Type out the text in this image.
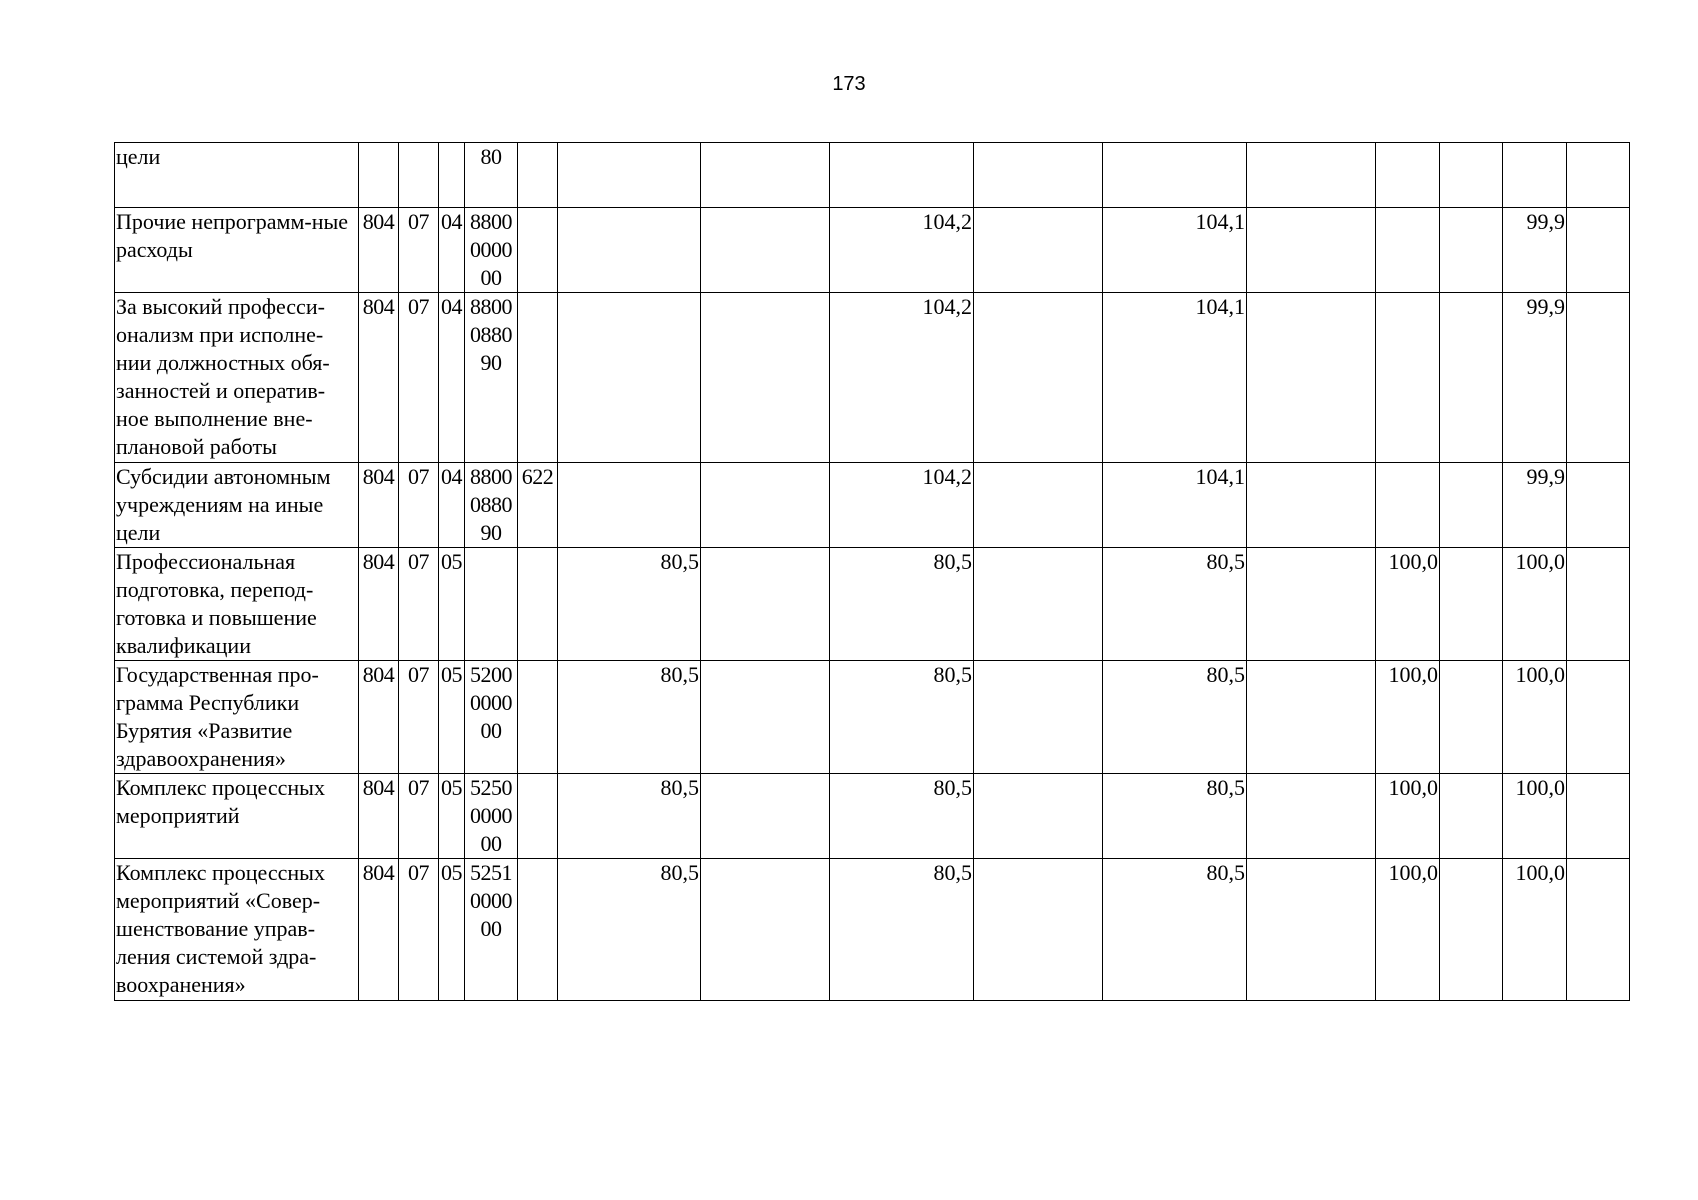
173
цели				80											
Прочие непрограмм-ные расходы	804	07	04	8800000000				104,2		104,1				99,9	
За высокий професси-онализм при исполне-нии должностных обя-занностей и оператив-ное выполнение вне-плановой работы	804	07	04	8800088090				104,2		104,1				99,9	
Субсидии автономным учреждениям на иные цели	804	07	04	8800088090	622			104,2		104,1				99,9	
Профессиональная подготовка, перепод-готовка и повышение квалификации	804	07	05			80,5		80,5		80,5		100,0		100,0	
Государственная про-грамма Республики Бурятия «Развитие здравоохранения»	804	07	05	5200000000		80,5		80,5		80,5		100,0		100,0	
Комплекс процессных мероприятий	804	07	05	5250000000		80,5		80,5		80,5		100,0		100,0	
Комплекс процессных мероприятий «Совер-шенствование управ-ления системой здра-воохранения»	804	07	05	5251000000		80,5		80,5		80,5		100,0		100,0	
